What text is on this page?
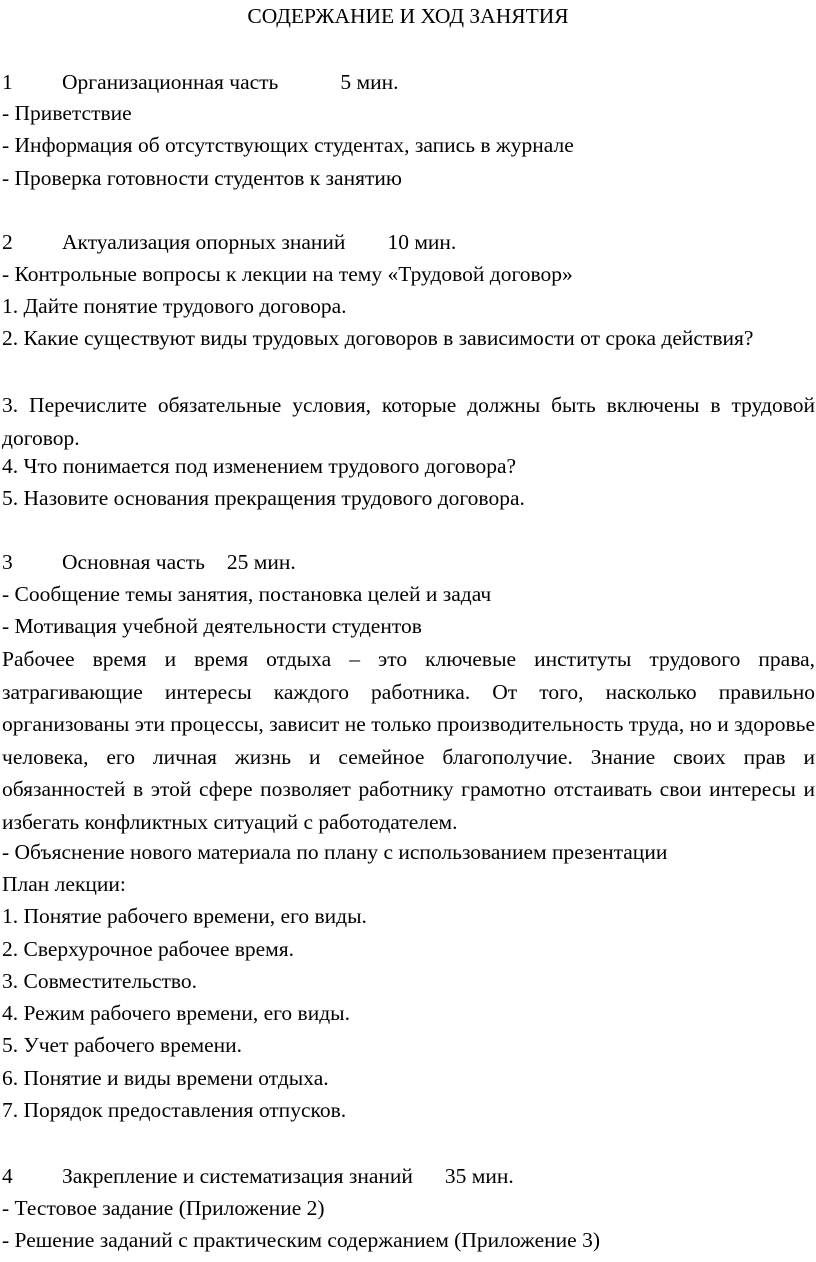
СОДЕРЖАНИЕ И ХОД ЗАНЯТИЯ
1 Организационная часть	5 мин.
- Приветствие
- Информация об отсутствующих студентах, запись в журнале
- Проверка готовности студентов к занятию
2 Актуализация опорных знаний 10 мин.
- Контрольные вопросы к лекции на тему «Трудовой договор»
1. Дайте понятие трудового договора.

2. Какие существуют виды трудовых договоров в зависимости от срока действия?

3. Перечислите обязательные условия, которые должны быть включены в трудовой договор.

4. Что понимается под изменением трудового договора?
5. Назовите основания прекращения трудового договора.
3 Основная часть 25 мин.
- Сообщение темы занятия, постановка целей и задач
- Мотивация учебной деятельности студентов

Рабочее время и время отдыха – это ключевые институты трудового права, затрагивающие интересы каждого работника. От того, насколько правильно организованы эти процессы, зависит не только производительность труда, но и здоровье человека, его личная жизнь и семейное благополучие. Знание своих прав и обязанностей в этой сфере позволяет работнику грамотно отстаивать свои интересы и избегать конфликтных ситуаций с работодателем.

- Объяснение нового материала по плану с использованием презентации
План лекции:
1. Понятие рабочего времени, его виды.
2. Сверхурочное рабочее время.
3. Совместительство.
4. Режим рабочего времени, его виды.
5. Учет рабочего времени.
6. Понятие и виды времени отдыха.
7. Порядок предоставления отпусков.
4 Закрепление и систематизация знаний 35 мин.
- Тестовое задание (Приложение 2)
- Решение заданий с практическим содержанием (Приложение 3)
